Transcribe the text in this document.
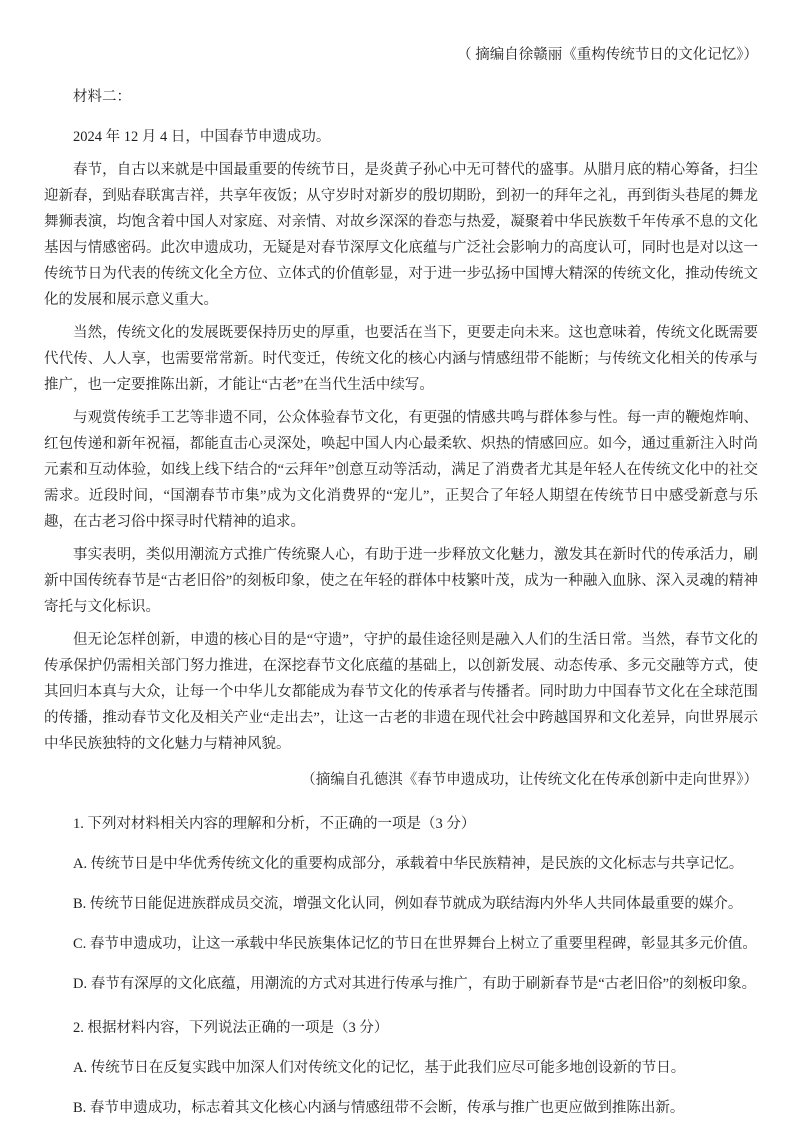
（ 摘编自徐赣丽《重构传统节日的文化记忆》）

材料二：

2024 年 12 月 4 日，中国春节申遗成功。

春节，自古以来就是中国最重要的传统节日，是炎黄子孙心中无可替代的盛事。从腊月底的精心筹备，扫尘迎新春，到贴春联寓吉祥，共享年夜饭；从守岁时对新岁的殷切期盼，到初一的拜年之礼，再到街头巷尾的舞龙舞狮表演，均饱含着中国人对家庭、对亲情、对故乡深深的眷恋与热爱，凝聚着中华民族数千年传承不息的文化基因与情感密码。此次申遗成功，无疑是对春节深厚文化底蕴与广泛社会影响力的高度认可，同时也是对以这一传统节日为代表的传统文化全方位、立体式的价值彰显，对于进一步弘扬中国博大精深的传统文化，推动传统文化的发展和展示意义重大。

当然，传统文化的发展既要保持历史的厚重，也要活在当下，更要走向未来。这也意味着，传统文化既需要代代传、人人享，也需要常常新。时代变迁，传统文化的核心内涵与情感纽带不能断；与传统文化相关的传承与推广，也一定要推陈出新，才能让“古老”在当代生活中续写。

与观赏传统手工艺等非遗不同，公众体验春节文化，有更强的情感共鸣与群体参与性。每一声的鞭炮炸响、红包传递和新年祝福，都能直击心灵深处，唤起中国人内心最柔软、炽热的情感回应。如今，通过重新注入时尚元素和互动体验，如线上线下结合的“云拜年”创意互动等活动，满足了消费者尤其是年轻人在传统文化中的社交需求。近段时间，“国潮春节市集”成为文化消费界的“宠儿”，正契合了年轻人期望在传统节日中感受新意与乐趣，在古老习俗中探寻时代精神的追求。

事实表明，类似用潮流方式推广传统聚人心，有助于进一步释放文化魅力，激发其在新时代的传承活力，刷新中国传统春节是“古老旧俗”的刻板印象，使之在年轻的群体中枝繁叶茂，成为一种融入血脉、深入灵魂的精神寄托与文化标识。

但无论怎样创新，申遗的核心目的是“守遗”，守护的最佳途径则是融入人们的生活日常。当然，春节文化的传承保护仍需相关部门努力推进，在深挖春节文化底蕴的基础上，以创新发展、动态传承、多元交融等方式，使其回归本真与大众，让每一个中华儿女都能成为春节文化的传承者与传播者。同时助力中国春节文化在全球范围的传播，推动春节文化及相关产业“走出去”，让这一古老的非遗在现代社会中跨越国界和文化差异，向世界展示中华民族独特的文化魅力与精神风貌。

（摘编自孔德淇《春节申遗成功，让传统文化在传承创新中走向世界》）

1. 下列对材料相关内容的理解和分析，不正确的一项是（3 分）

A. 传统节日是中华优秀传统文化的重要构成部分，承载着中华民族精神，是民族的文化标志与共享记忆。

B. 传统节日能促进族群成员交流，增强文化认同，例如春节就成为联结海内外华人共同体最重要的媒介。

C. 春节申遗成功，让这一承载中华民族集体记忆的节日在世界舞台上树立了重要里程碑，彰显其多元价值。

D. 春节有深厚的文化底蕴，用潮流的方式对其进行传承与推广，有助于刷新春节是“古老旧俗”的刻板印象。

2. 根据材料内容，下列说法正确的一项是（3 分）

A. 传统节日在反复实践中加深人们对传统文化的记忆，基于此我们应尽可能多地创设新的节日。

B. 春节申遗成功，标志着其文化核心内涵与情感纽带不会断，传承与推广也更应做到推陈出新。
